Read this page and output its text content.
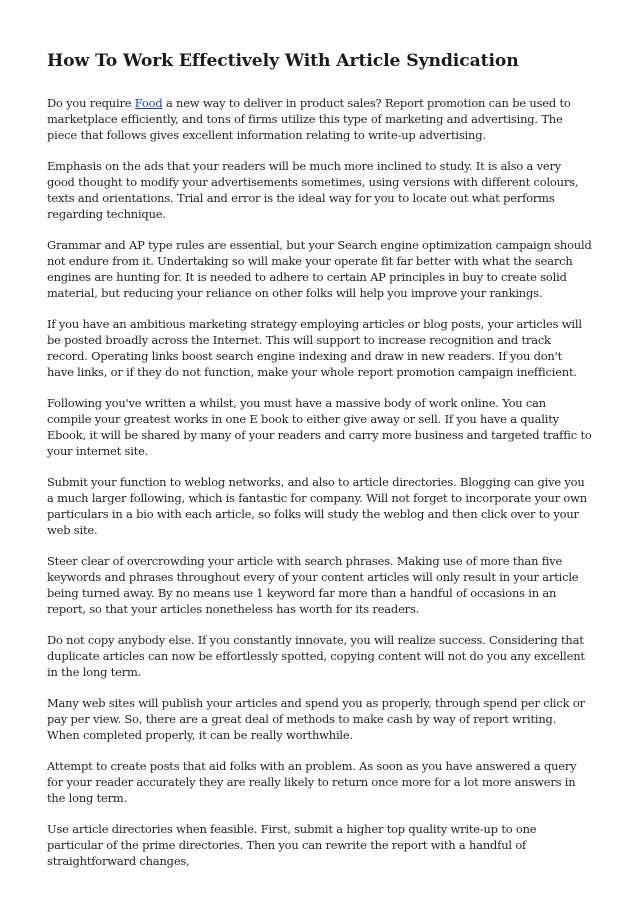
How To Work Effectively With Article Syndication

Do you require Food a new way to deliver in product sales? Report promotion can be used to marketplace efficiently, and tons of firms utilize this type of marketing and advertising. The piece that follows gives excellent information relating to write-up advertising.

Emphasis on the ads that your readers will be much more inclined to study. It is also a very good thought to modify your advertisements sometimes, using versions with different colours, texts and orientations. Trial and error is the ideal way for you to locate out what performs regarding technique.

Grammar and AP type rules are essential, but your Search engine optimization campaign should not endure from it. Undertaking so will make your operate fit far better with what the search engines are hunting for. It is needed to adhere to certain AP principles in buy to create solid material, but reducing your reliance on other folks will help you improve your rankings.

If you have an ambitious marketing strategy employing articles or blog posts, your articles will be posted broadly across the Internet. This will support to increase recognition and track record. Operating links boost search engine indexing and draw in new readers. If you don't have links, or if they do not function, make your whole report promotion campaign inefficient.

Following you've written a whilst, you must have a massive body of work online. You can compile your greatest works in one E book to either give away or sell. If you have a quality Ebook, it will be shared by many of your readers and carry more business and targeted traffic to your internet site.

Submit your function to weblog networks, and also to article directories. Blogging can give you a much larger following, which is fantastic for company. Will not forget to incorporate your own particulars in a bio with each article, so folks will study the weblog and then click over to your web site.

Steer clear of overcrowding your article with search phrases. Making use of more than five keywords and phrases throughout every of your content articles will only result in your article being turned away. By no means use 1 keyword far more than a handful of occasions in an report, so that your articles nonetheless has worth for its readers.

Do not copy anybody else. If you constantly innovate, you will realize success. Considering that duplicate articles can now be effortlessly spotted, copying content will not do you any excellent in the long term.

Many web sites will publish your articles and spend you as properly, through spend per click or pay per view. So, there are a great deal of methods to make cash by way of report writing. When completed properly, it can be really worthwhile.

Attempt to create posts that aid folks with an problem. As soon as you have answered a query for your reader accurately they are really likely to return once more for a lot more answers in the long term.

Use article directories when feasible. First, submit a higher top quality write-up to one particular of the prime directories. Then you can rewrite the report with a handful of straightforward changes,
